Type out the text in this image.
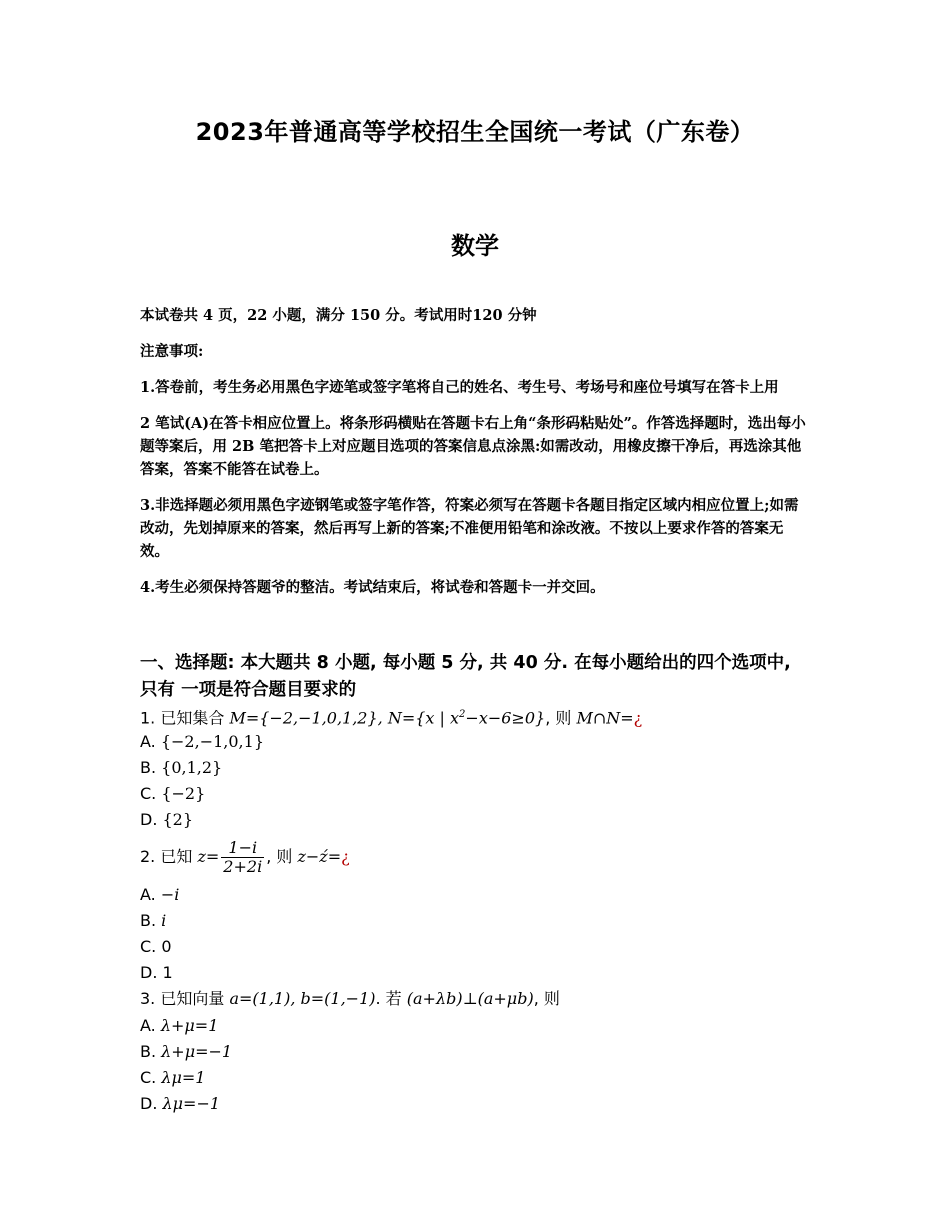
2023年普通高等学校招生全国统一考试（广东卷）
数学

本试卷共 4 页，22 小题，满分 150 分。考试用时120 分钟

注意事项:

1.答卷前，考生务必用黑色字迹笔或签字笔将自己的姓名、考生号、考场号和座位号填写在答卡上用

2 笔试(A)在答卡相应位置上。将条形码横贴在答题卡右上角“条形码粘贴处”。作答选择题时，选出每小题等案后，用 2B 笔把答卡上对应题目选项的答案信息点涂黑:如需改动，用橡皮擦干净后，再选涂其他答案，答案不能答在试卷上。

3.非选择题必须用黑色字迹钢笔或签字笔作答，符案必须写在答题卡各题目指定区域内相应位置上;如需改动，先划掉原来的答案，然后再写上新的答案;不准便用铅笔和涂改液。不按以上要求作答的答案无效。

4.考生必须保持答题爷的整洁。考试结束后，将试卷和答题卡一并交回。

一、选择题: 本大题共 8 小题, 每小题 5 分, 共 40 分. 在每小题给出的四个选项中, 只有 一项是符合题目要求的
1. 已知集合 M={−2,−1,0,1,2}, N={x | $x^2-x-6\ge 0$}, 则 M∩N=¿
A. {−2,−1,0,1}
B. {0,1,2}
C. {−2}
D. {2}
2. 已知 $z= \frac{1-i}{2+2i}$ , 则 z−ź=¿
A. −i
B. i
C. 0
D. 1
3. 已知向量 a=(1,1), b=(1,−1). 若 (a+λb)⊥(a+μb), 则
A. λ+μ=1
B. λ+μ=−1
C. λμ=1
D. λμ=−1
